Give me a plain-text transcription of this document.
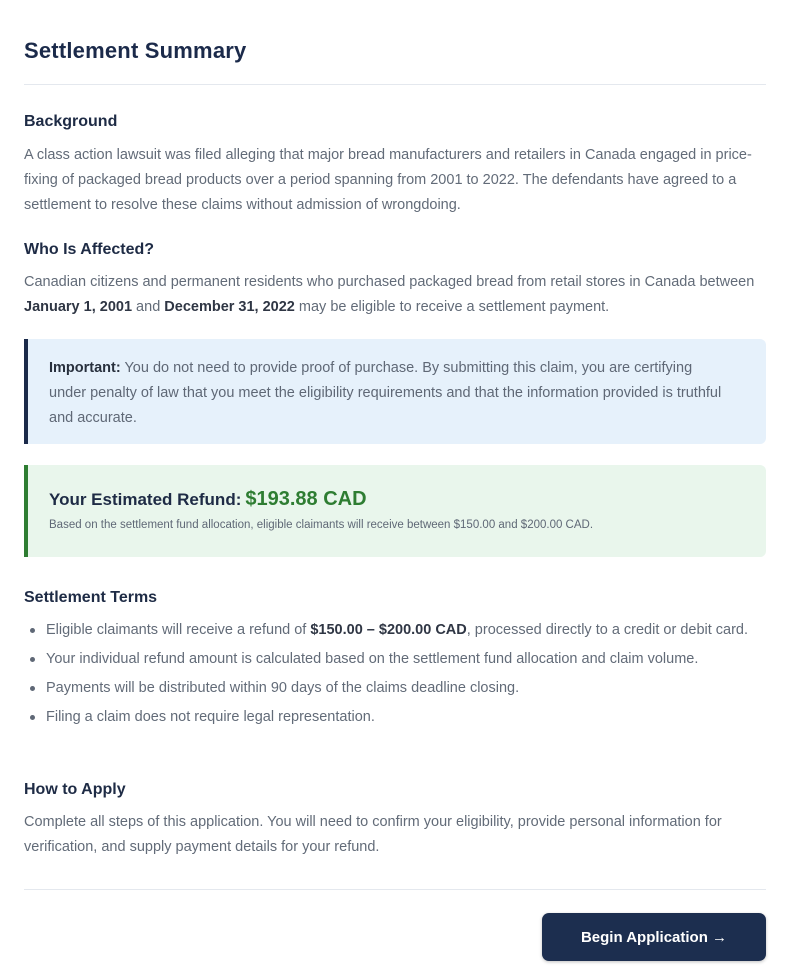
Settlement Summary
Background

A class action lawsuit was filed alleging that major bread manufacturers and retailers in Canada engaged in price-fixing of packaged bread products over a period spanning from 2001 to 2022. The defendants have agreed to a settlement to resolve these claims without admission of wrongdoing.

Who Is Affected?

Canadian citizens and permanent residents who purchased packaged bread from retail stores in Canada between January 1, 2001 and December 31, 2022 may be eligible to receive a settlement payment.

Important: You do not need to provide proof of purchase. By submitting this claim, you are certifying under penalty of law that you meet the eligibility requirements and that the information provided is truthful and accurate.
Your Estimated Refund: $193.88 CAD
Based on the settlement fund allocation, eligible claimants will receive between $150.00 and $200.00 CAD.
Settlement Terms
Eligible claimants will receive a refund of $150.00 – $200.00 CAD, processed directly to a credit or debit card.
Your individual refund amount is calculated based on the settlement fund allocation and claim volume.
Payments will be distributed within 90 days of the claims deadline closing.
Filing a claim does not require legal representation.
How to Apply

Complete all steps of this application. You will need to confirm your eligibility, provide personal information for verification, and supply payment details for your refund.

Begin Application →
